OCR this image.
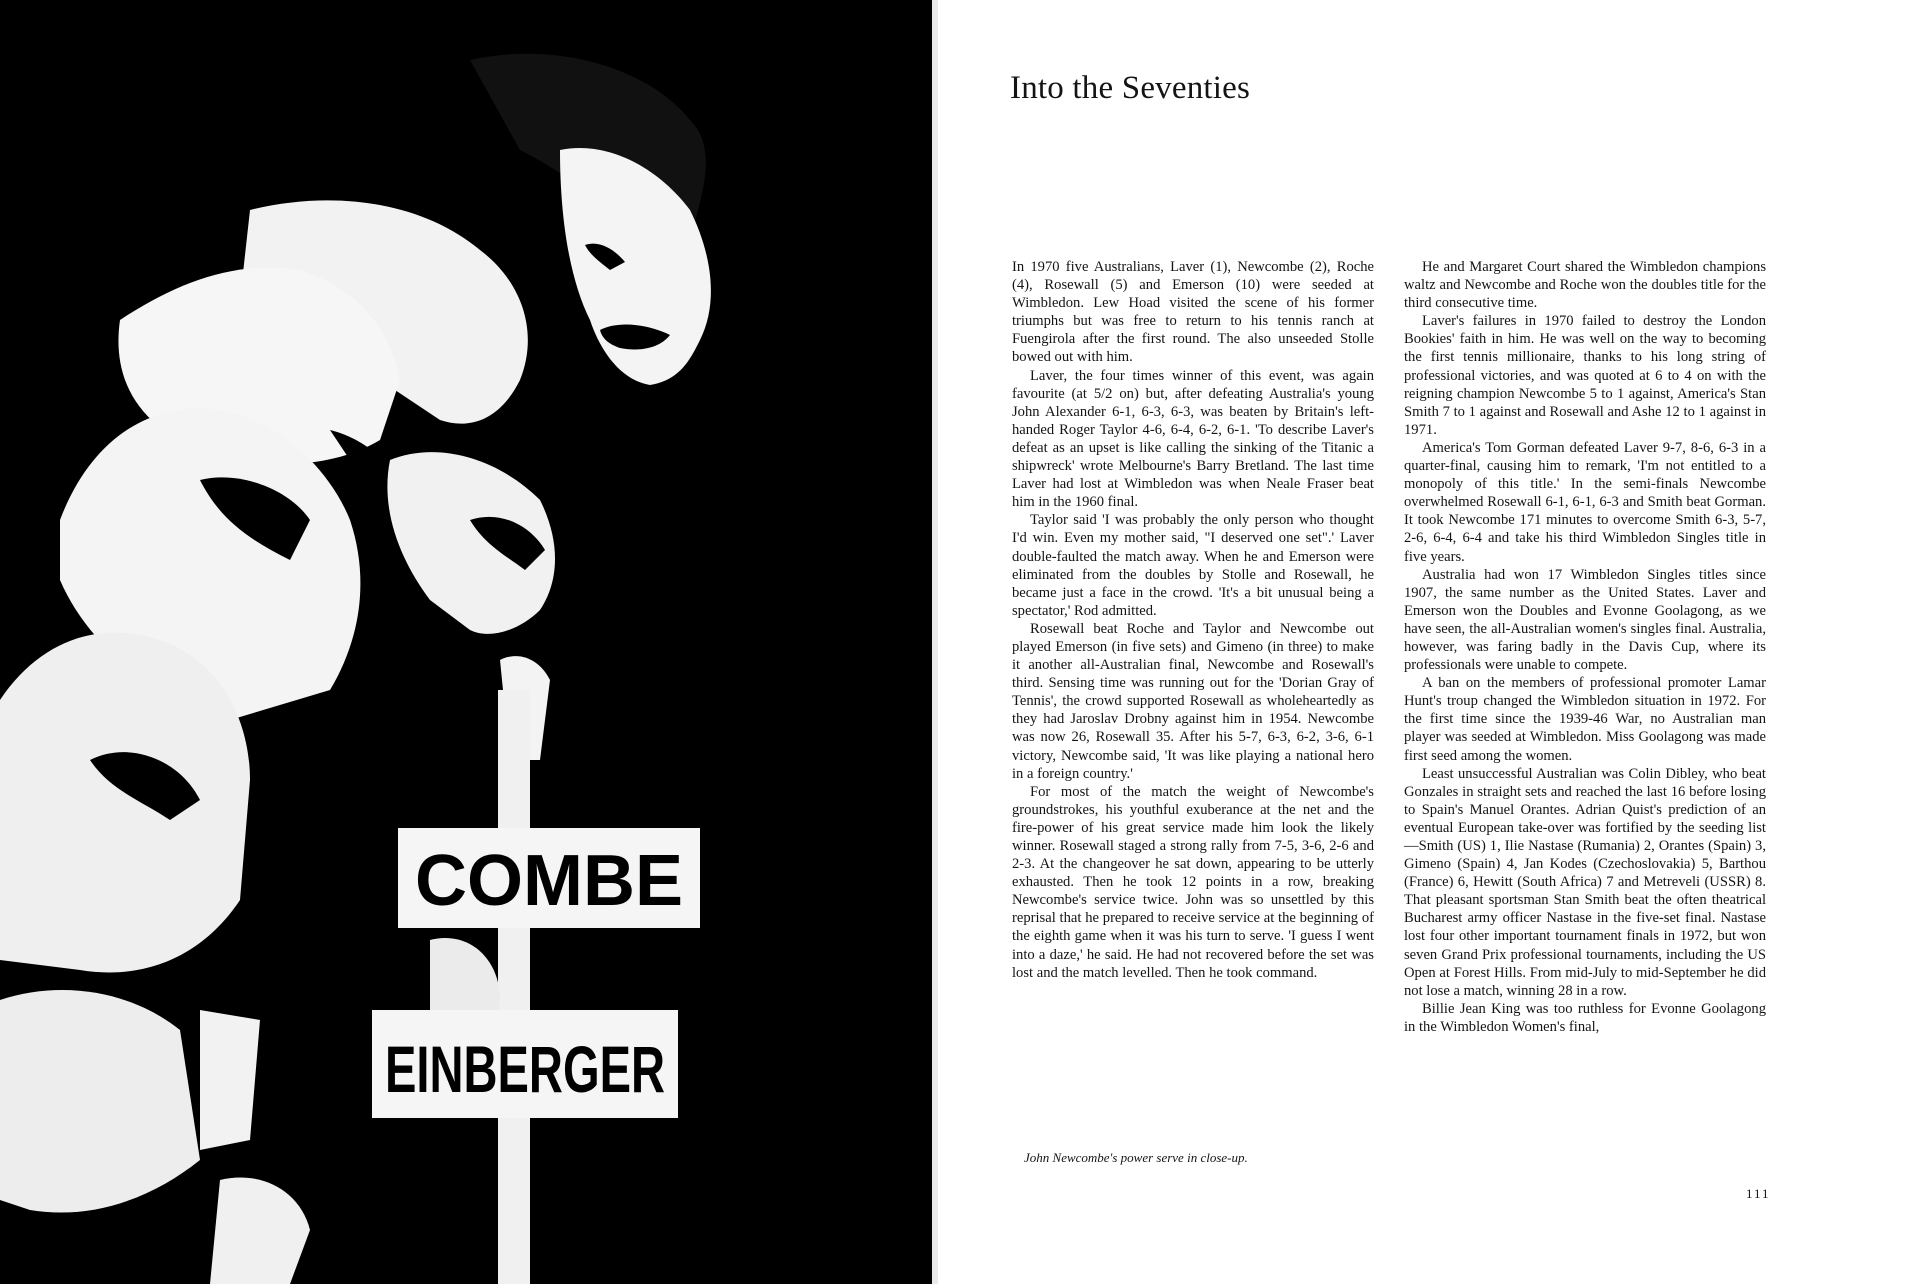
COMBE
EINBERGER
Into the Seventies

In 1970 five Australians, Laver (1), Newcombe (2), Roche (4), Rosewall (5) and Emerson (10) were seeded at Wimbledon. Lew Hoad visited the scene of his former triumphs but was free to return to his tennis ranch at Fuengirola after the first round. The also unseeded Stolle bowed out with him.

Laver, the four times winner of this event, was again favourite (at 5/2 on) but, after defeating Australia's young John Alexander 6-1, 6-3, 6-3, was beaten by Britain's left-handed Roger Taylor 4-6, 6-4, 6-2, 6-1. 'To describe Laver's defeat as an upset is like calling the sinking of the Titanic a shipwreck' wrote Melbourne's Barry Bretland. The last time Laver had lost at Wimbledon was when Neale Fraser beat him in the 1960 final.

Taylor said 'I was probably the only person who thought I'd win. Even my mother said, "I deserved one set".' Laver double-faulted the match away. When he and Emerson were eliminated from the doubles by Stolle and Rosewall, he became just a face in the crowd. 'It's a bit unusual being a spectator,' Rod admitted.

Rosewall beat Roche and Taylor and Newcombe out played Emerson (in five sets) and Gimeno (in three) to make it another all-Australian final, Newcombe and Rosewall's third. Sensing time was running out for the 'Dorian Gray of Tennis', the crowd supported Rosewall as wholeheartedly as they had Jaroslav Drobny against him in 1954. Newcombe was now 26, Rosewall 35. After his 5-7, 6-3, 6-2, 3-6, 6-1 victory, Newcombe said, 'It was like playing a national hero in a foreign country.'

For most of the match the weight of Newcombe's groundstrokes, his youthful exuberance at the net and the fire-power of his great service made him look the likely winner. Rosewall staged a strong rally from 7-5, 3-6, 2-6 and 2-3. At the changeover he sat down, appearing to be utterly exhausted. Then he took 12 points in a row, breaking Newcombe's service twice. John was so unsettled by this reprisal that he prepared to receive service at the beginning of the eighth game when it was his turn to serve. 'I guess I went into a daze,' he said. He had not recovered before the set was lost and the match levelled. Then he took command.

He and Margaret Court shared the Wimbledon champions waltz and Newcombe and Roche won the doubles title for the third consecutive time.

Laver's failures in 1970 failed to destroy the London Bookies' faith in him. He was well on the way to becoming the first tennis millionaire, thanks to his long string of professional victories, and was quoted at 6 to 4 on with the reigning champion Newcombe 5 to 1 against, America's Stan Smith 7 to 1 against and Rosewall and Ashe 12 to 1 against in 1971.

America's Tom Gorman defeated Laver 9-7, 8-6, 6-3 in a quarter-final, causing him to remark, 'I'm not entitled to a monopoly of this title.' In the semi-finals Newcombe overwhelmed Rosewall 6-1, 6-1, 6-3 and Smith beat Gorman. It took Newcombe 171 minutes to overcome Smith 6-3, 5-7, 2-6, 6-4, 6-4 and take his third Wimbledon Singles title in five years.

Australia had won 17 Wimbledon Singles titles since 1907, the same number as the United States. Laver and Emerson won the Doubles and Evonne Goolagong, as we have seen, the all-Australian women's singles final. Australia, however, was faring badly in the Davis Cup, where its professionals were unable to compete.

A ban on the members of professional promoter Lamar Hunt's troup changed the Wimbledon situation in 1972. For the first time since the 1939-46 War, no Australian man player was seeded at Wimbledon. Miss Goolagong was made first seed among the women.

Least unsuccessful Australian was Colin Dibley, who beat Gonzales in straight sets and reached the last 16 before losing to Spain's Manuel Orantes. Adrian Quist's prediction of an eventual European take-over was fortified by the seeding list—Smith (US) 1, Ilie Nastase (Rumania) 2, Orantes (Spain) 3, Gimeno (Spain) 4, Jan Kodes (Czechoslovakia) 5, Barthou (France) 6, Hewitt (South Africa) 7 and Metreveli (USSR) 8. That pleasant sportsman Stan Smith beat the often theatrical Bucharest army officer Nastase in the five-set final. Nastase lost four other important tournament finals in 1972, but won seven Grand Prix professional tournaments, including the US Open at Forest Hills. From mid-July to mid-September he did not lose a match, winning 28 in a row.

Billie Jean King was too ruthless for Evonne Goolagong in the Wimbledon Women's final,

John Newcombe's power serve in close-up.

111
